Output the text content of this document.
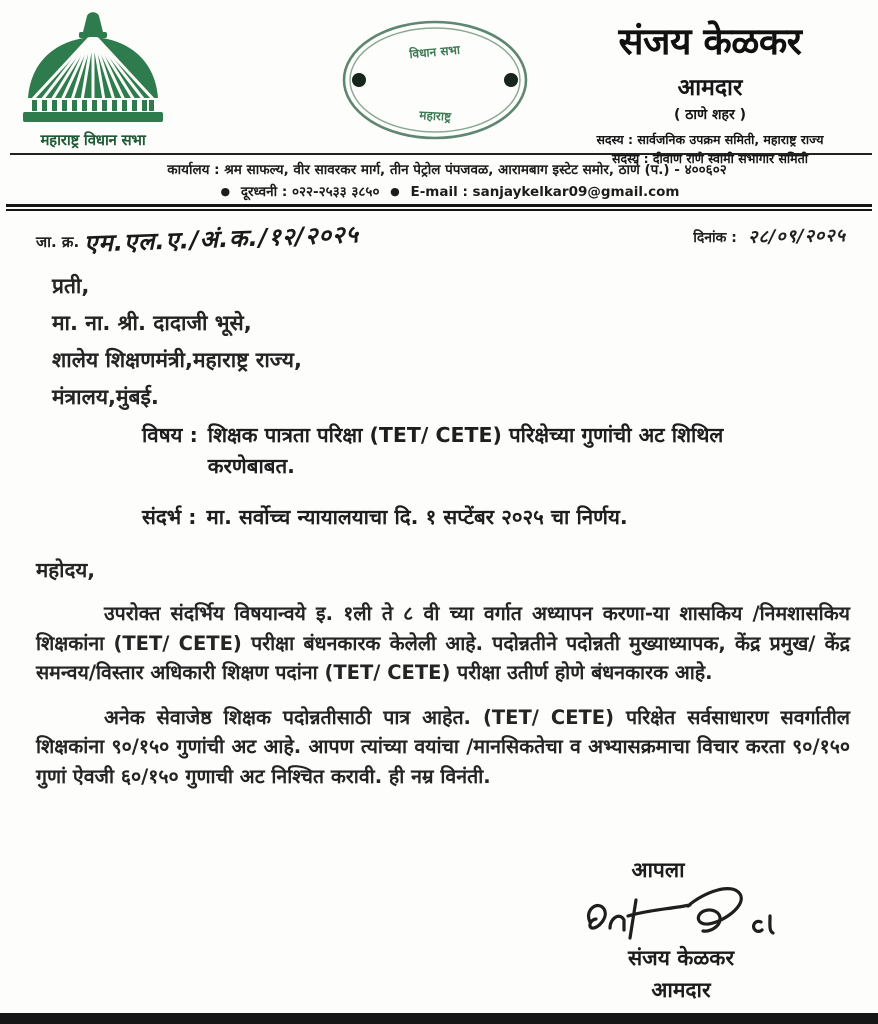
महाराष्ट्र विधान सभा
विधान सभा
महाराष्ट्र
संजय केळकर
आमदार
( ठाणे शहर )
सदस्य : सार्वजनिक उपक्रम समिती, महाराष्ट्र राज्य
सदस्य : दीवाण राणे स्वामी सभागार समिती
कार्यालय : श्रम साफल्य, वीर सावरकर मार्ग, तीन पेट्रोल पंपजवळ, आरामबाग इस्टेट समोर, ठाणे (प.) - ४००६०२
● दूरध्वनी : ०२२-२५३३ ३८५० ● E-mail : sanjaykelkar09@gmail.com
जा. क्र. एम.एल.ए./अं.क./१२/२०२५	दिनांक : २८/०९/२०२५
प्रती,
मा. ना. श्री. दादाजी भूसे,
शालेय शिक्षणमंत्री,महाराष्ट्र राज्य,
मंत्रालय,मुंबई.
विषय : शिक्षक पात्रता परिक्षा (TET/ CETE) परिक्षेच्या गुणांची अट शिथिल करणेबाबत.
संदर्भ : मा. सर्वोच्च न्यायालयाचा दि. १ सप्टेंबर २०२५ चा निर्णय.
महोदय,

उपरोक्त संदर्भिय विषयान्वये इ. १ली ते ८ वी च्या वर्गात अध्यापन करणा-या शासकिय /निमशासकिय शिक्षकांना (TET/ CETE) परीक्षा बंधनकारक केलेली आहे. पदोन्नतीने पदोन्नती मुख्याध्यापक, केंद्र प्रमुख/ केंद्र समन्वय/विस्तार अधिकारी शिक्षण पदांना (TET/ CETE) परीक्षा उतीर्ण होणे बंधनकारक आहे.

अनेक सेवाजेष्ठ शिक्षक पदोन्नतीसाठी पात्र आहेत. (TET/ CETE) परिक्षेत सर्वसाधारण सवर्गातील शिक्षकांना ९०/१५० गुणांची अट आहे. आपण त्यांच्या वयांचा /मानसिकतेचा व अभ्यासक्रमाचा विचार करता ९०/१५० गुणां ऐवजी ६०/१५० गुणाची अट निश्चित करावी. ही नम्र विनंती.

आपला
संजय केळकर
आमदार
